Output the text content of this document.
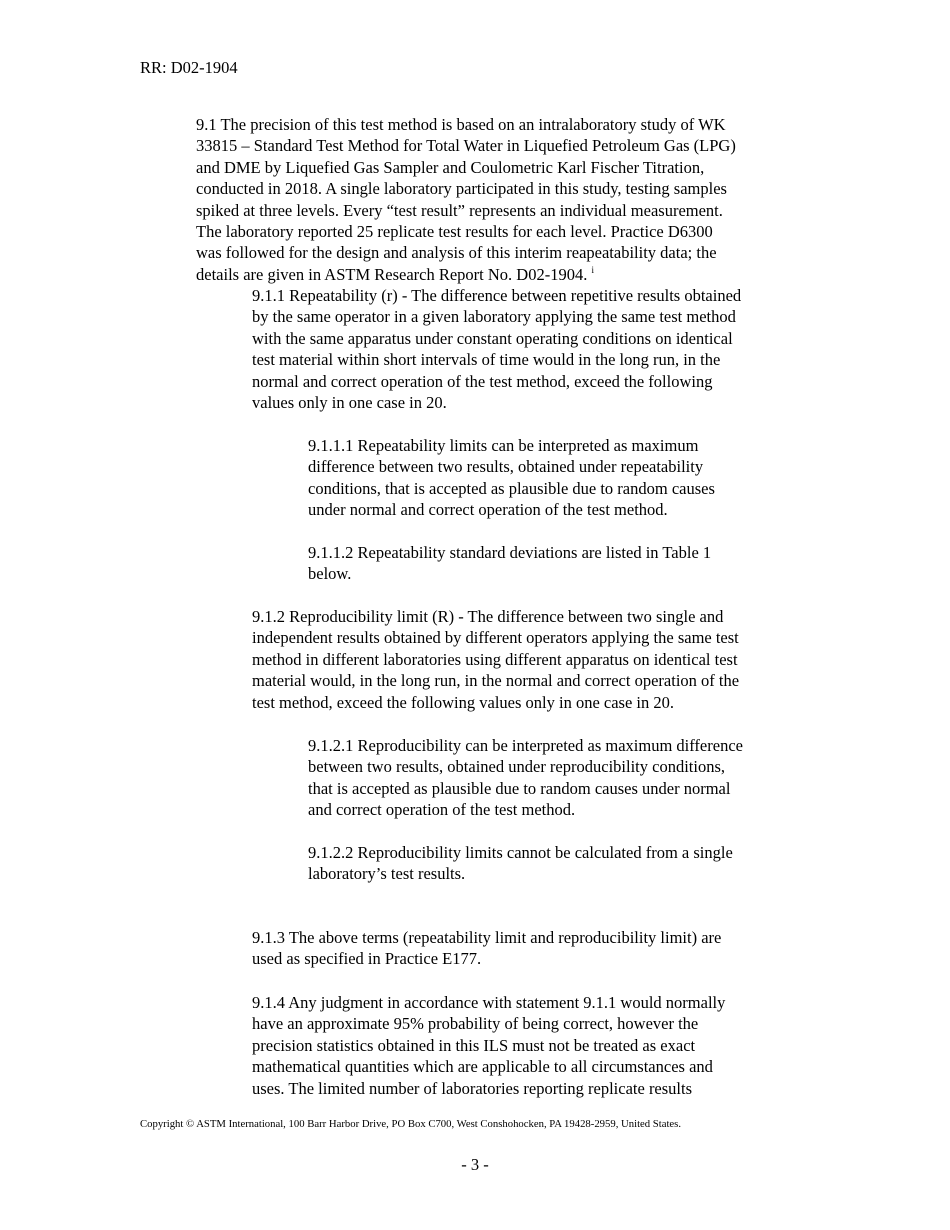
RR: D02-1904
9.1 The precision of this test method is based on an intralaboratory study of WK
33815 – Standard Test Method for Total Water in Liquefied Petroleum Gas (LPG)
and DME by Liquefied Gas Sampler and Coulometric Karl Fischer Titration,
conducted in 2018. A single laboratory participated in this study, testing samples
spiked at three levels. Every “test result” represents an individual measurement.
The laboratory reported 25 replicate test results for each level. Practice D6300
was followed for the design and analysis of this interim reapeatability data; the
details are given in ASTM Research Report No. D02-1904. $^i$
9.1.1 Repeatability (r) - The difference between repetitive results obtained
by the same operator in a given laboratory applying the same test method
with the same apparatus under constant operating conditions on identical
test material within short intervals of time would in the long run, in the
normal and correct operation of the test method, exceed the following
values only in one case in 20.
9.1.1.1 Repeatability limits can be interpreted as maximum
difference between two results, obtained under repeatability
conditions, that is accepted as plausible due to random causes
under normal and correct operation of the test method.
9.1.1.2 Repeatability standard deviations are listed in Table 1
below.
9.1.2 Reproducibility limit (R) - The difference between two single and
independent results obtained by different operators applying the same test
method in different laboratories using different apparatus on identical test
material would, in the long run, in the normal and correct operation of the
test method, exceed the following values only in one case in 20.
9.1.2.1 Reproducibility can be interpreted as maximum difference
between two results, obtained under reproducibility conditions,
that is accepted as plausible due to random causes under normal
and correct operation of the test method.
9.1.2.2 Reproducibility limits cannot be calculated from a single
laboratory’s test results.
9.1.3 The above terms (repeatability limit and reproducibility limit) are
used as specified in Practice E177.
9.1.4 Any judgment in accordance with statement 9.1.1 would normally
have an approximate 95% probability of being correct, however the
precision statistics obtained in this ILS must not be treated as exact
mathematical quantities which are applicable to all circumstances and
uses. The limited number of laboratories reporting replicate results
Copyright © ASTM International, 100 Barr Harbor Drive, PO Box C700, West Conshohocken, PA 19428-2959, United States.
- 3 -
